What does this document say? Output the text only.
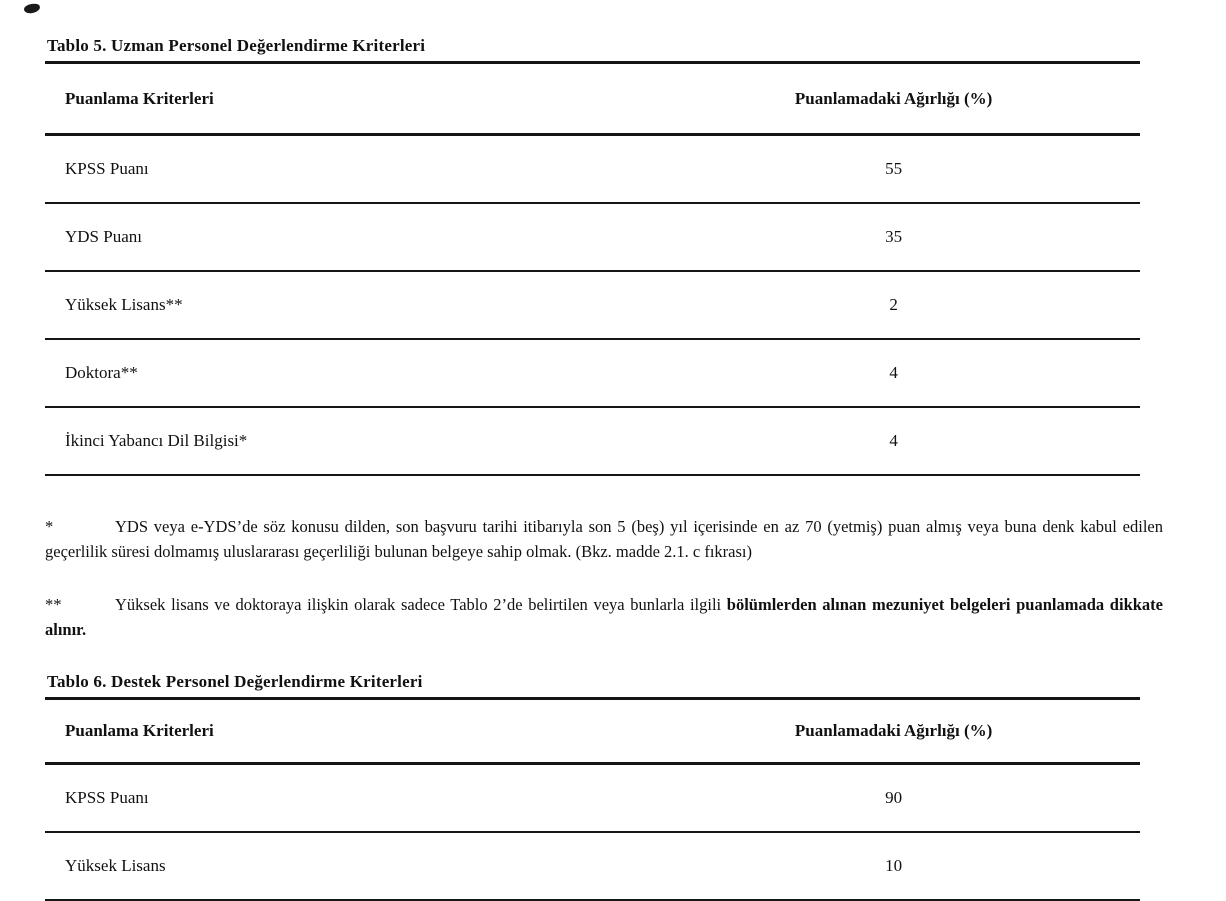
Tablo 5. Uzman Personel Değerlendirme Kriterleri
Puanlama Kriterleri	Puanlamadaki Ağırlığı (%)
KPSS Puanı	55
YDS Puanı	35
Yüksek Lisans**	2
Doktora**	4
İkinci Yabancı Dil Bilgisi*	4

*	YDS veya e-YDS’de söz konusu dilden, son başvuru tarihi itibarıyla son 5 (beş) yıl içerisinde en az 70 (yetmiş) puan almış veya buna denk kabul edilen geçerlilik süresi dolmamış uluslararası geçerliliği bulunan belgeye sahip olmak. (Bkz. madde 2.1. c fıkrası)

**	Yüksek lisans ve doktoraya ilişkin olarak sadece Tablo 2’de belirtilen veya bunlarla ilgili bölümlerden alınan mezuniyet belgeleri puanlamada dikkate alınır.

Tablo 6. Destek Personel Değerlendirme Kriterleri
Puanlama Kriterleri	Puanlamadaki Ağırlığı (%)
KPSS Puanı	90
Yüksek Lisans	10
